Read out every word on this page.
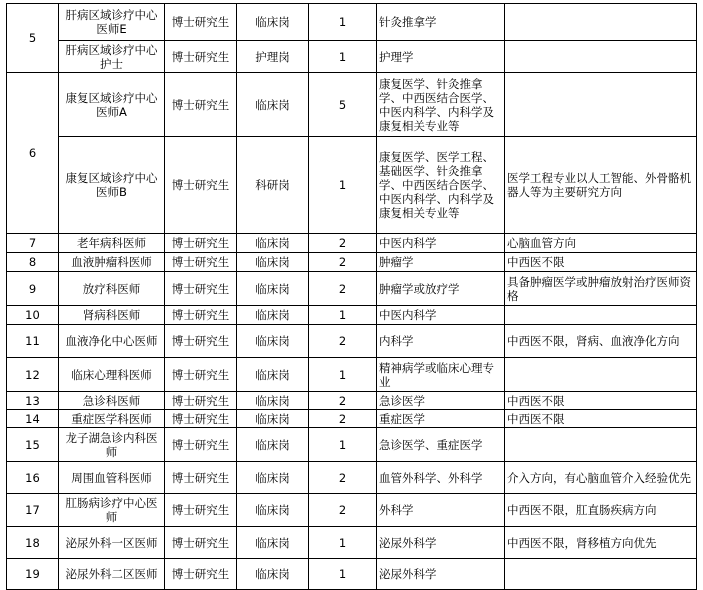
5	肝病区域诊疗中心医师E	博士研究生	临床岗	1	针灸推拿学	
	肝病区域诊疗中心护士	博士研究生	护理岗	1	护理学	
6	康复区域诊疗中心医师A	博士研究生	临床岗	5	康复医学、针灸推拿学、中西医结合医学、中医内科学、内科学及康复相关专业等	
	康复区域诊疗中心医师B	博士研究生	科研岗	1	康复医学、医学工程、基础医学、针灸推拿学、中西医结合医学、中医内科学、内科学及康复相关专业等	医学工程专业以人工智能、外骨骼机器人等为主要研究方向
7	老年病科医师	博士研究生	临床岗	2	中医内科学	心脑血管方向
8	血液肿瘤科医师	博士研究生	临床岗	2	肿瘤学	中西医不限
9	放疗科医师	博士研究生	临床岗	2	肿瘤学或放疗学	具备肿瘤医学或肿瘤放射治疗医师资格
10	肾病科医师	博士研究生	临床岗	1	中医内科学	
11	血液净化中心医师	博士研究生	临床岗	2	内科学	中西医不限，肾病、血液净化方向
12	临床心理科医师	博士研究生	临床岗	1	精神病学或临床心理专业	
13	急诊科医师	博士研究生	临床岗	2	急诊医学	中西医不限
14	重症医学科医师	博士研究生	临床岗	2	重症医学	中西医不限
15	龙子湖急诊内科医师	博士研究生	临床岗	1	急诊医学、重症医学	
16	周围血管科医师	博士研究生	临床岗	2	血管外科学、外科学	介入方向，有心脑血管介入经验优先
17	肛肠病诊疗中心医师	博士研究生	临床岗	2	外科学	中西医不限，肛直肠疾病方向
18	泌尿外科一区医师	博士研究生	临床岗	1	泌尿外科学	中西医不限，肾移植方向优先
19	泌尿外科二区医师	博士研究生	临床岗	1	泌尿外科学	
